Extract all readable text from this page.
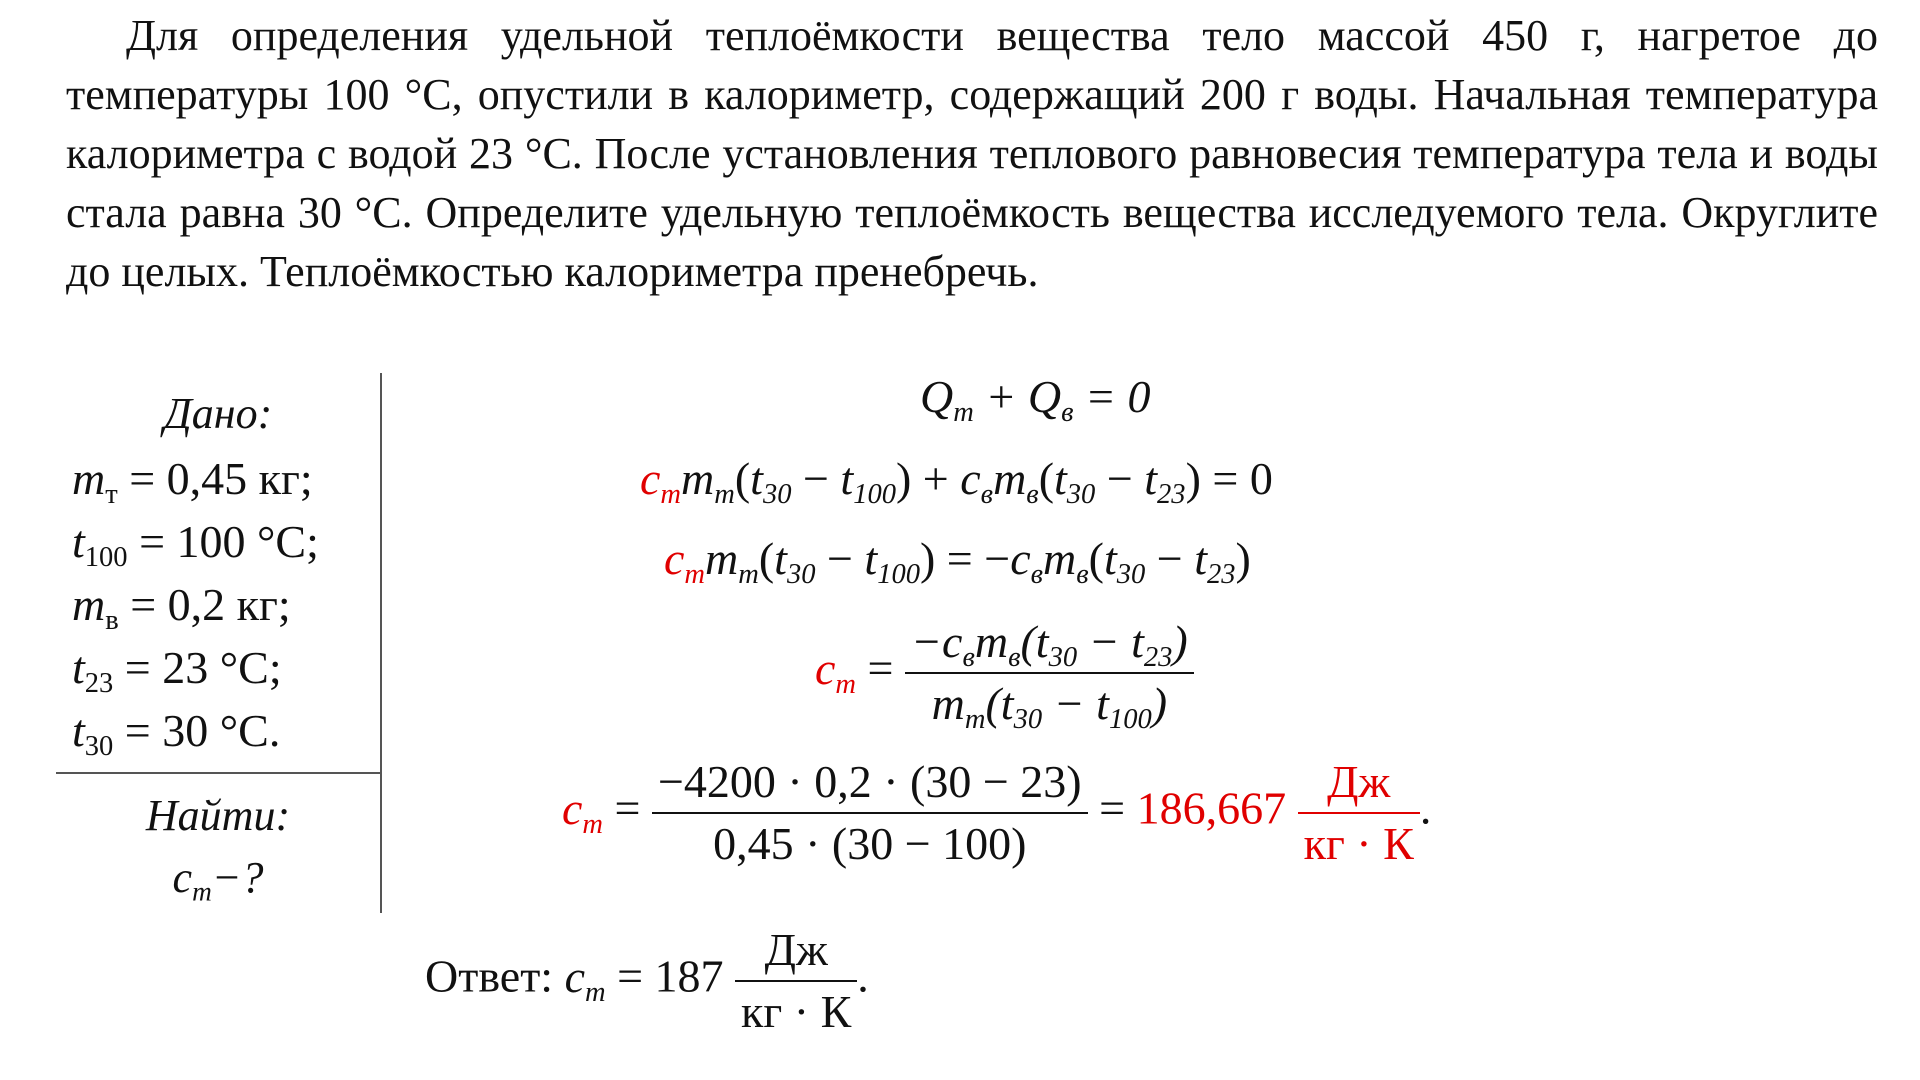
Для определения удельной теплоёмкости вещества тело массой 450 г, нагретое до температуры 100 °С, опустили в калориметр, содержащий 200 г воды. Начальная температура калориметра с водой 23 °С. После установления теплового равновесия температура тела и воды стала равна 30 °С. Определите удельную теплоёмкость вещества исследуемого тела. Округлите до целых. Теплоёмкостью калориметра пренебречь.

Дано:
$m_т = 0,45$ кг;
$t_{100} = 100$ °С;
$m_в = 0,2$ кг;
$t_{23} = 23$ °С;
$t_{30} = 30$ °С.
Найти:
$c_т-$?
$Q_т + Q_в = 0$
$c_тm_т(t_{30} - t_{100}) + c_вm_в(t_{30} - t_{23}) = 0$
$c_тm_т(t_{30} - t_{100}) = -c_вm_в(t_{30} - t_{23})$
$c_т = \frac{-c_вm_в(t_{30} - t_{23})}{m_т(t_{30} - t_{100})}$
$c_т = \frac{-4200 \cdot 0,2 \cdot (30 - 23)}{0,45 \cdot (30 - 100)} = 186,667 \frac{Дж}{кг \cdot К}$ .
Ответ: $c_т = 187 \frac{Дж}{кг \cdot К}$ .
